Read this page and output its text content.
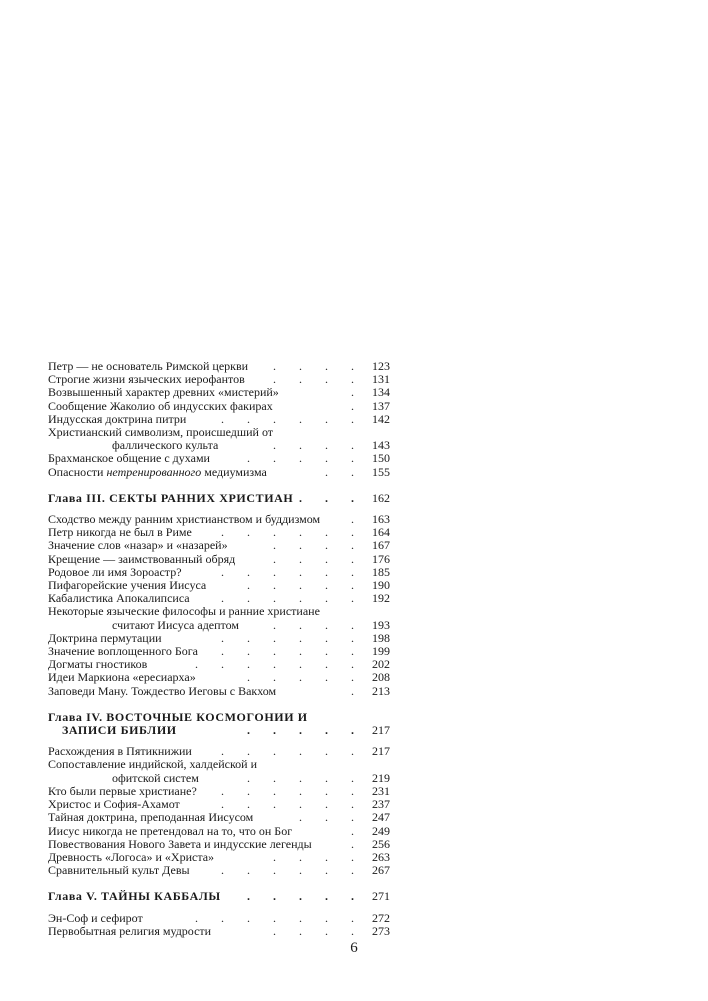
Петр — не основатель Римской церкви . . . . 123
Строгие жизни языческих иерофантов . . . . 131
Возвышенный характер древних «мистерий»	. 134
Сообщение Жаколио об индусских факирах	. 137
Индусская доктрина питри	. . . . . . 142
Христианский символизм, происшедший от
фаллического культа	. . . . 143
Брахманское общение с духами	. . . . . 150
Опасности нетренированного медиумизма	. . 155
Глава III. СЕКТЫ РАННИХ ХРИСТИАН . . . 162
Сходство между ранним христианством и буддизмом	. 163
Петр никогда не был в Риме . . . . . . 164
Значение слов «назар» и «назарей»	. . . . 167
Крещение — заимствованный обряд	. . . . 176
Родовое ли имя Зороастр?	. . . . . . 185
Пифагорейские учения Иисуса	. . . . . 190
Кабалистика Апокалипсиса	. . . . . . 192
Некоторые языческие философы и ранние христиане
считают Иисуса адептом	. . . . 193
Доктрина пермутации	. . . . . . 198
Значение воплощенного Бога . . . . . . 199
Догматы гностиков	. . . . . . . 202
Идеи Маркиона «ересиарха»	. . . . . 208
Заповеди Ману. Тождество Иеговы с Вакхом	. 213
Глава IV. ВОСТОЧНЫЕ КОСМОГОНИИ И
ЗАПИСИ БИБЛИИ	. . . . . 217
Расхождения в Пятикнижии . . . . . . 217
Сопоставление индийской, халдейской и
офитской систем	. . . . . 219
Кто были первые христиане? . . . . . . 231
Христос и София-Ахамот	. . . . . . 237
Тайная доктрина, преподанная Иисусом	. . . 247
Иисус никогда не претендовал на то, что он Бог	. 249
Повествования Нового Завета и индусские легенды	. 256
Древность «Логоса» и «Христа»	. . . . 263
Сравнительный культ Девы	. . . . . . 267
Глава V. ТАЙНЫ КАББАЛЫ . . . . . 271
Эн-Соф и сефирот	. . . . . . . 272
Первобытная религия мудрости	. . . . 273
6
